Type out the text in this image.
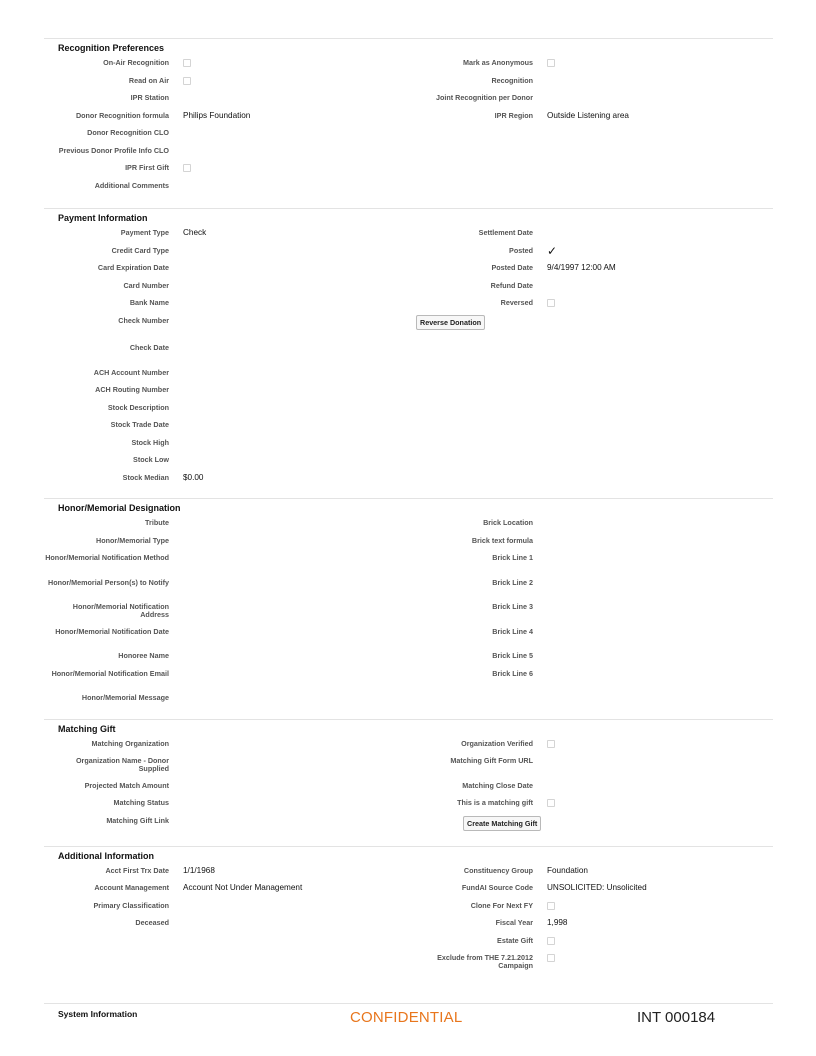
Recognition Preferences
On-Air Recognition
Read on Air
IPR Station
Donor Recognition formula Philips Foundation
Donor Recognition CLO
Previous Donor Profile Info CLO
IPR First Gift
Additional Comments
Mark as Anonymous
Recognition
Joint Recognition per Donor
IPR Region Outside Listening area
Payment Information
Payment Type Check
Credit Card Type
Card Expiration Date
Card Number
Bank Name
Check Number
Check Date
ACH Account Number
ACH Routing Number
Stock Description
Stock Trade Date
Stock High
Stock Low
Stock Median $0.00
Settlement Date
Posted ✓
Posted Date 9/4/1997 12:00 AM
Refund Date
Reversed
Reverse Donation
Honor/Memorial Designation
Tribute
Honor/Memorial Type
Honor/Memorial Notification Method
Honor/Memorial Person(s) to Notify
Honor/Memorial Notification Address
Honor/Memorial Notification Date
Honoree Name
Honor/Memorial Notification Email
Honor/Memorial Message
Brick Location
Brick text formula
Brick Line 1
Brick Line 2
Brick Line 3
Brick Line 4
Brick Line 5
Brick Line 6
Matching Gift
Matching Organization
Organization Name - Donor Supplied
Projected Match Amount
Matching Status
Matching Gift Link
Organization Verified
Matching Gift Form URL
Matching Close Date
This is a matching gift
Create Matching Gift
Additional Information
Acct First Trx Date 1/1/1968
Account Management Account Not Under Management
Primary Classification
Deceased
Constituency Group Foundation
FundAI Source Code UNSOLICITED: Unsolicited
Clone For Next FY
Fiscal Year 1,998
Estate Gift
Exclude from THE 7.21.2012 Campaign
System Information	CONFIDENTIAL	INT 000184
